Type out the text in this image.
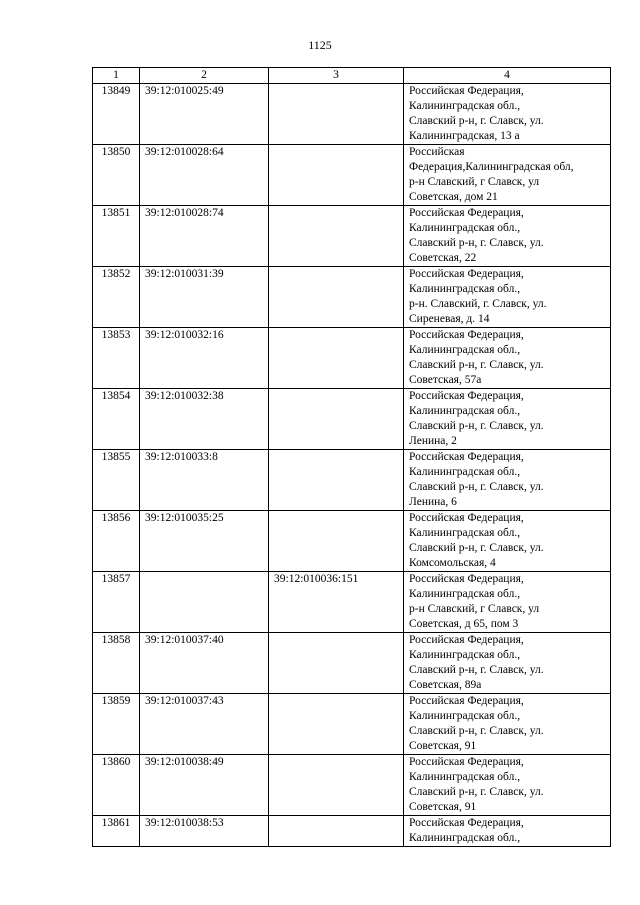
1125
1	2	3	4
13849	39:12:010025:49		Российская Федерация,
Калининградская обл.,
Славский р-н, г. Славск, ул.
Калининградская, 13 а
13850	39:12:010028:64		Российская
Федерация,Калининградская обл,
р-н Славский, г Славск, ул
Советская, дом 21
13851	39:12:010028:74		Российская Федерация,
Калининградская обл.,
Славский р-н, г. Славск, ул.
Советская, 22
13852	39:12:010031:39		Российская Федерация,
Калининградская обл.,
р-н. Славский, г. Славск, ул.
Сиреневая, д. 14
13853	39:12:010032:16		Российская Федерация,
Калининградская обл.,
Славский р-н, г. Славск, ул.
Советская, 57а
13854	39:12:010032:38		Российская Федерация,
Калининградская обл.,
Славский р-н, г. Славск, ул.
Ленина, 2
13855	39:12:010033:8		Российская Федерация,
Калининградская обл.,
Славский р-н, г. Славск, ул.
Ленина, 6
13856	39:12:010035:25		Российская Федерация,
Калининградская обл.,
Славский р-н, г. Славск, ул.
Комсомольская, 4
13857		39:12:010036:151	Российская Федерация,
Калининградская обл.,
р-н Славский, г Славск, ул
Советская, д 65, пом 3
13858	39:12:010037:40		Российская Федерация,
Калининградская обл.,
Славский р-н, г. Славск, ул.
Советская, 89а
13859	39:12:010037:43		Российская Федерация,
Калининградская обл.,
Славский р-н, г. Славск, ул.
Советская, 91
13860	39:12:010038:49		Российская Федерация,
Калининградская обл.,
Славский р-н, г. Славск, ул.
Советская, 91
13861	39:12:010038:53		Российская Федерация,
Калининградская обл.,
